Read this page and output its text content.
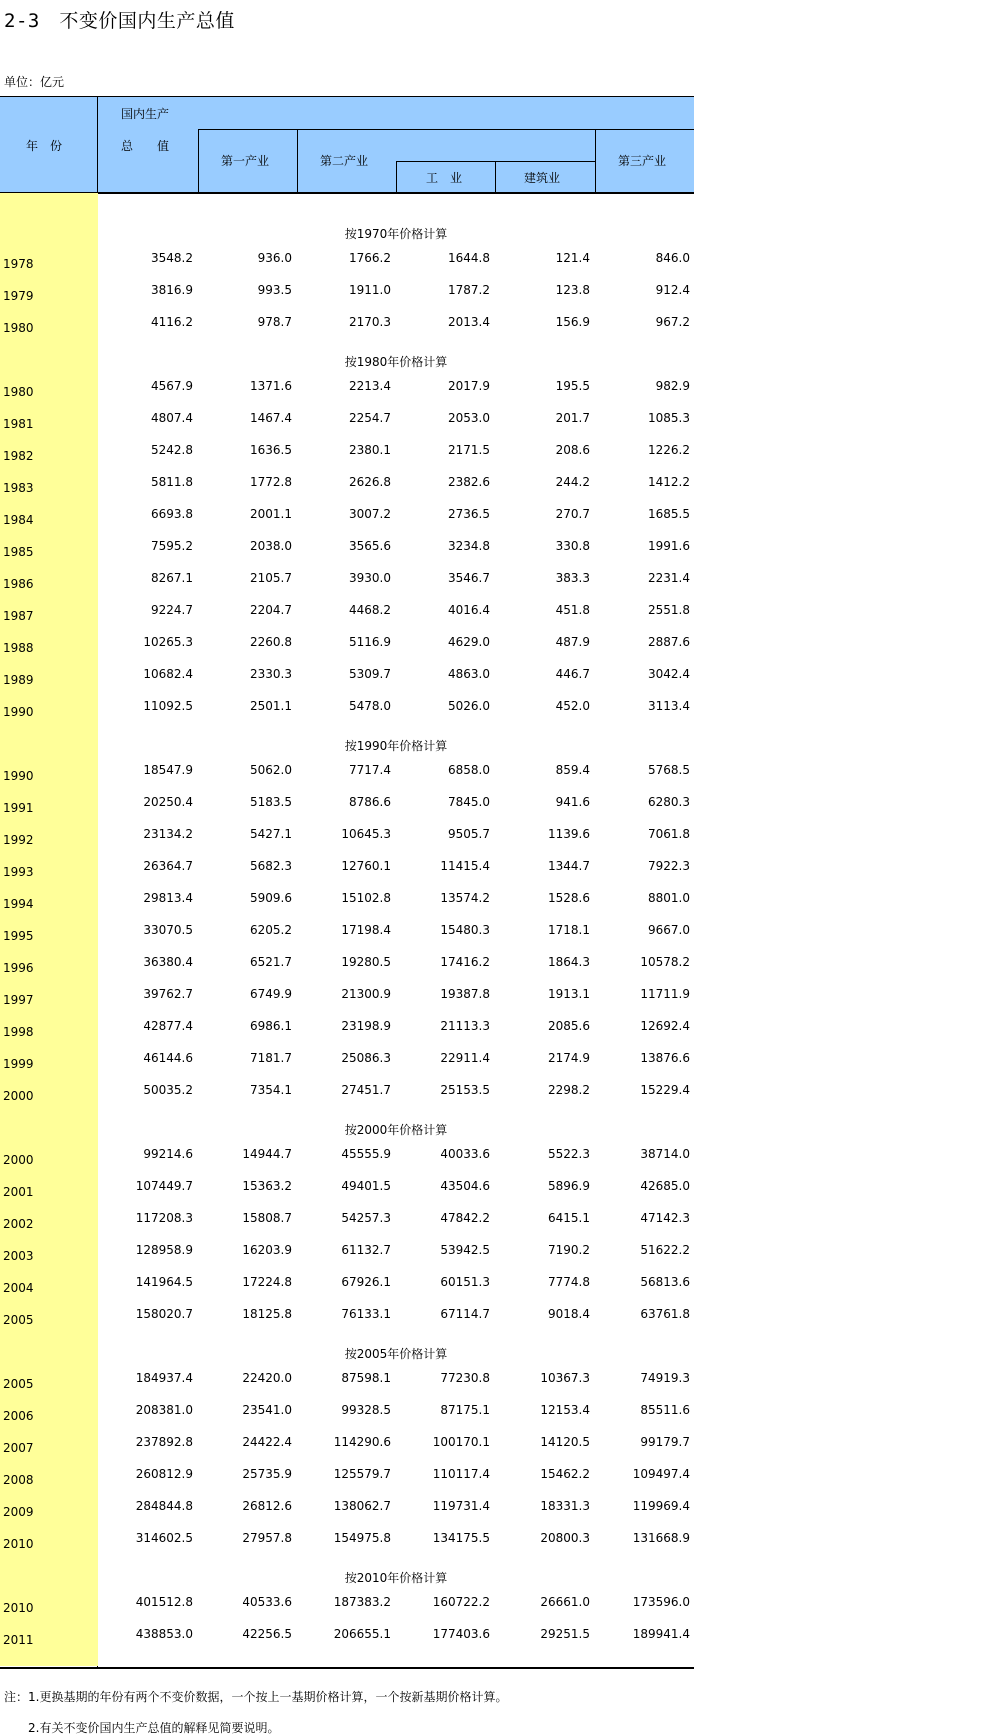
2-3　不变价国内生产总值
单位：亿元
年　份
国内生产
总　　值
第一产业	第二产业
工　业	建筑业
第三产业
按1970年价格计算
1978	3548.2	936.0	1766.2	1644.8	121.4	846.0
1979	3816.9	993.5	1911.0	1787.2	123.8	912.4
1980	4116.2	978.7	2170.3	2013.4	156.9	967.2
按1980年价格计算
1980	4567.9	1371.6	2213.4	2017.9	195.5	982.9
1981	4807.4	1467.4	2254.7	2053.0	201.7	1085.3
1982	5242.8	1636.5	2380.1	2171.5	208.6	1226.2
1983	5811.8	1772.8	2626.8	2382.6	244.2	1412.2
1984	6693.8	2001.1	3007.2	2736.5	270.7	1685.5
1985	7595.2	2038.0	3565.6	3234.8	330.8	1991.6
1986	8267.1	2105.7	3930.0	3546.7	383.3	2231.4
1987	9224.7	2204.7	4468.2	4016.4	451.8	2551.8
1988	10265.3	2260.8	5116.9	4629.0	487.9	2887.6
1989	10682.4	2330.3	5309.7	4863.0	446.7	3042.4
1990	11092.5	2501.1	5478.0	5026.0	452.0	3113.4
按1990年价格计算
1990	18547.9	5062.0	7717.4	6858.0	859.4	5768.5
1991	20250.4	5183.5	8786.6	7845.0	941.6	6280.3
1992	23134.2	5427.1	10645.3	9505.7	1139.6	7061.8
1993	26364.7	5682.3	12760.1	11415.4	1344.7	7922.3
1994	29813.4	5909.6	15102.8	13574.2	1528.6	8801.0
1995	33070.5	6205.2	17198.4	15480.3	1718.1	9667.0
1996	36380.4	6521.7	19280.5	17416.2	1864.3	10578.2
1997	39762.7	6749.9	21300.9	19387.8	1913.1	11711.9
1998	42877.4	6986.1	23198.9	21113.3	2085.6	12692.4
1999	46144.6	7181.7	25086.3	22911.4	2174.9	13876.6
2000	50035.2	7354.1	27451.7	25153.5	2298.2	15229.4
按2000年价格计算
2000	99214.6	14944.7	45555.9	40033.6	5522.3	38714.0
2001	107449.7	15363.2	49401.5	43504.6	5896.9	42685.0
2002	117208.3	15808.7	54257.3	47842.2	6415.1	47142.3
2003	128958.9	16203.9	61132.7	53942.5	7190.2	51622.2
2004	141964.5	17224.8	67926.1	60151.3	7774.8	56813.6
2005	158020.7	18125.8	76133.1	67114.7	9018.4	63761.8
按2005年价格计算
2005	184937.4	22420.0	87598.1	77230.8	10367.3	74919.3
2006	208381.0	23541.0	99328.5	87175.1	12153.4	85511.6
2007	237892.8	24422.4	114290.6	100170.1	14120.5	99179.7
2008	260812.9	25735.9	125579.7	110117.4	15462.2	109497.4
2009	284844.8	26812.6	138062.7	119731.4	18331.3	119969.4
2010	314602.5	27957.8	154975.8	134175.5	20800.3	131668.9
按2010年价格计算
2010	401512.8	40533.6	187383.2	160722.2	26661.0	173596.0
2011	438853.0	42256.5	206655.1	177403.6	29251.5	189941.4
注：1.更换基期的年份有两个不变价数据，一个按上一基期价格计算，一个按新基期价格计算。
　　2.有关不变价国内生产总值的解释见简要说明。
